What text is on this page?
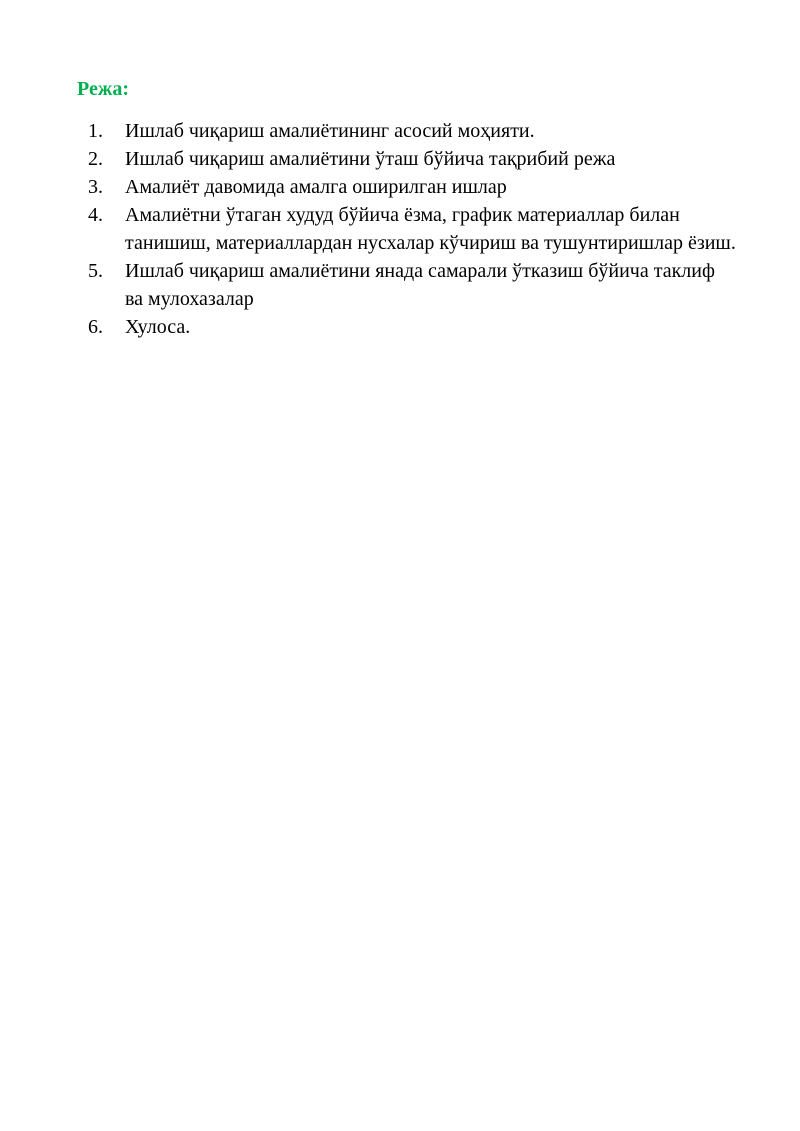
Режа:
1.	Ишлаб чиқариш амалиётининг асосий моҳияти.
2.	Ишлаб чиқариш амалиётини ўташ бўйича тақрибий режа
3.	Амалиёт давомида амалга оширилган ишлар
4.	Амалиётни ўтаган худуд бўйича ёзма, график материаллар билан танишиш, материаллардан нусхалар кўчириш ва тушунтиришлар ёзиш.
5.	Ишлаб чиқариш амалиётини янада самарали ўтказиш бўйича таклиф ва мулохазалар
6.	Хулоса.
